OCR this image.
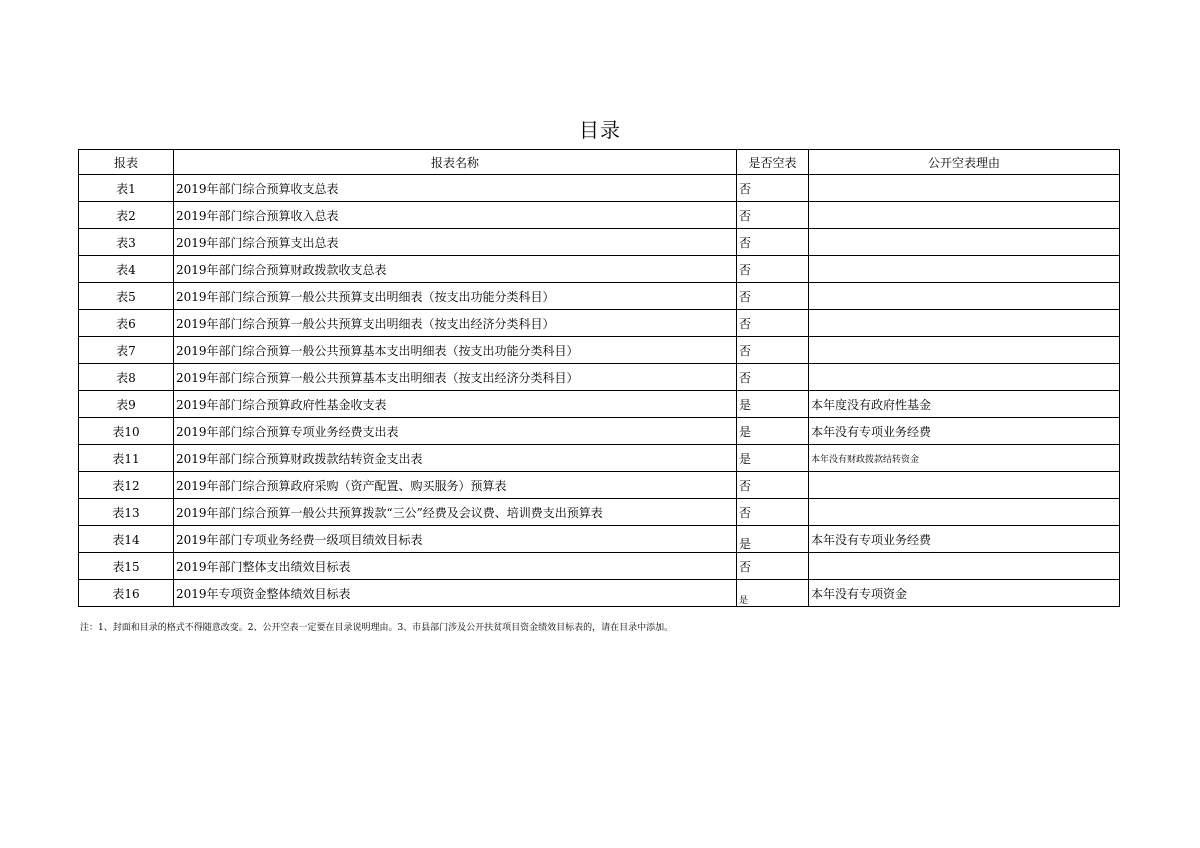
目录
报表	报表名称	是否空表	公开空表理由
表1	2019年部门综合预算收支总表	否	
表2	2019年部门综合预算收入总表	否	
表3	2019年部门综合预算支出总表	否	
表4	2019年部门综合预算财政拨款收支总表	否	
表5	2019年部门综合预算一般公共预算支出明细表（按支出功能分类科目）	否	
表6	2019年部门综合预算一般公共预算支出明细表（按支出经济分类科目）	否	
表7	2019年部门综合预算一般公共预算基本支出明细表（按支出功能分类科目）	否	
表8	2019年部门综合预算一般公共预算基本支出明细表（按支出经济分类科目）	否	
表9	2019年部门综合预算政府性基金收支表	是	本年度没有政府性基金
表10	2019年部门综合预算专项业务经费支出表	是	本年没有专项业务经费
表11	2019年部门综合预算财政拨款结转资金支出表	是	本年没有财政拨款结转资金
表12	2019年部门综合预算政府采购（资产配置、购买服务）预算表	否	
表13	2019年部门综合预算一般公共预算拨款“三公”经费及会议费、培训费支出预算表	否	
表14	2019年部门专项业务经费一级项目绩效目标表	是	本年没有专项业务经费
表15	2019年部门整体支出绩效目标表	否	
表16	2019年专项资金整体绩效目标表	是	本年没有专项资金
注：1、封面和目录的格式不得随意改变。2、公开空表一定要在目录说明理由。3、市县部门涉及公开扶贫项目资金绩效目标表的，请在目录中添加。
